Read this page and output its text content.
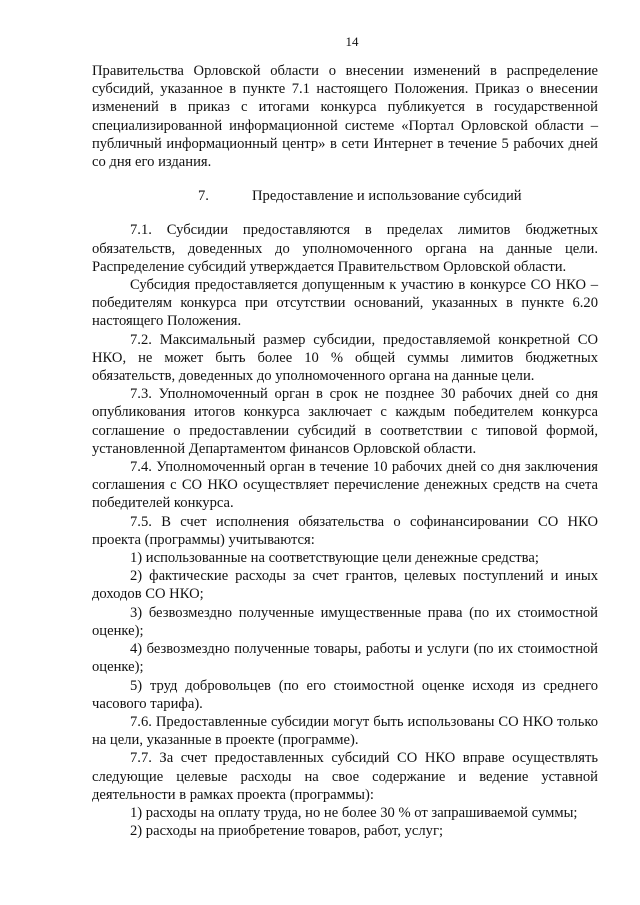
14

Правительства Орловской области о внесении изменений в распределение субсидий, указанное в пункте 7.1 настоящего Положения. Приказ о внесении изменений в приказ с итогами конкурса публикуется в государственной специализированной информационной системе «Портал Орловской области – публичный информационный центр» в сети Интернет в течение 5 рабочих дней со дня его издания.

7.	Предоставление и использование субсидий

7.1. Субсидии предоставляются в пределах лимитов бюджетных обязательств, доведенных до уполномоченного органа на данные цели. Распределение субсидий утверждается Правительством Орловской области.

Субсидия предоставляется допущенным к участию в конкурсе СО НКО – победителям конкурса при отсутствии оснований, указанных в пункте 6.20 настоящего Положения.

7.2. Максимальный размер субсидии, предоставляемой конкретной СО НКО, не может быть более 10 % общей суммы лимитов бюджетных обязательств, доведенных до уполномоченного органа на данные цели.

7.3. Уполномоченный орган в срок не позднее 30 рабочих дней со дня опубликования итогов конкурса заключает с каждым победителем конкурса соглашение о предоставлении субсидий в соответствии с типовой формой, установленной Департаментом финансов Орловской области.

7.4. Уполномоченный орган в течение 10 рабочих дней со дня заключения соглашения с СО НКО осуществляет перечисление денежных средств на счета победителей конкурса.

7.5. В счет исполнения обязательства о софинансировании СО НКО проекта (программы) учитываются:

1) использованные на соответствующие цели денежные средства;

2) фактические расходы за счет грантов, целевых поступлений и иных доходов СО НКО;

3) безвозмездно полученные имущественные права (по их стоимостной оценке);

4) безвозмездно полученные товары, работы и услуги (по их стоимостной оценке);

5) труд добровольцев (по его стоимостной оценке исходя из среднего часового тарифа).

7.6. Предоставленные субсидии могут быть использованы СО НКО только на цели, указанные в проекте (программе).

7.7. За счет предоставленных субсидий СО НКО вправе осуществлять следующие целевые расходы на свое содержание и ведение уставной деятельности в рамках проекта (программы):

1) расходы на оплату труда, но не более 30 % от запрашиваемой суммы;

2) расходы на приобретение товаров, работ, услуг;
